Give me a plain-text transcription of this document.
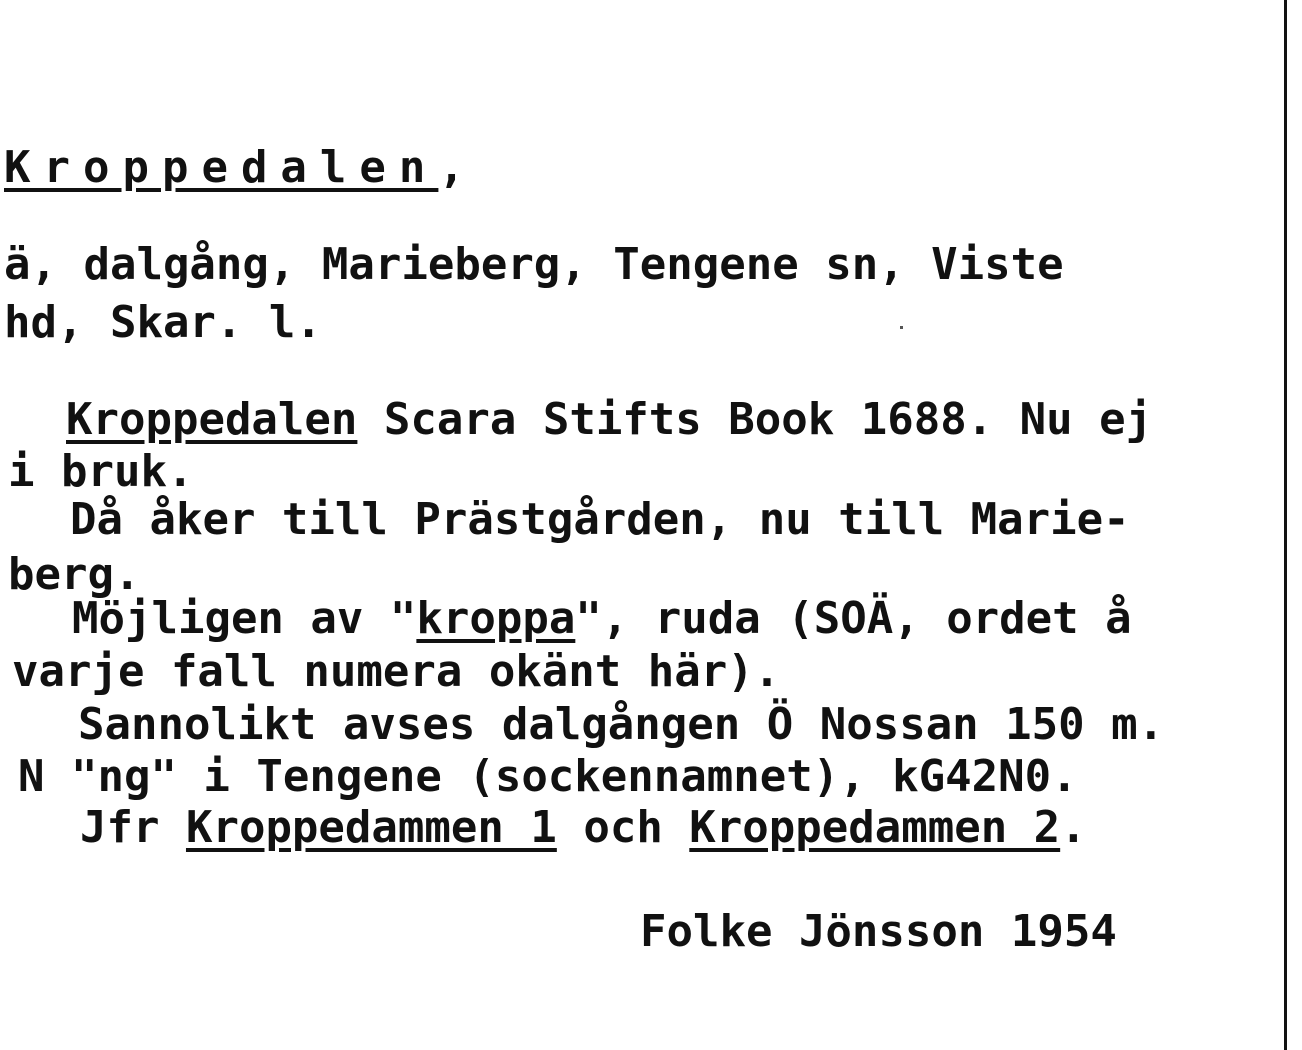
Kroppedalen,
ä, dalgång, Marieberg, Tengene sn, Viste
hd, Skar. l.
Kroppedalen Scara Stifts Book 1688. Nu ej
i bruk.
Då åker till Prästgården, nu till Marie-
berg.
Möjligen av "kroppa", ruda (SOÄ, ordet å
varje fall numera okänt här).
Sannolikt avses dalgången Ö Nossan 150 m.
N "ng" i Tengene (sockennamnet), kG42N0.
Jfr Kroppedammen 1 och Kroppedammen 2.
Folke Jönsson 1954
